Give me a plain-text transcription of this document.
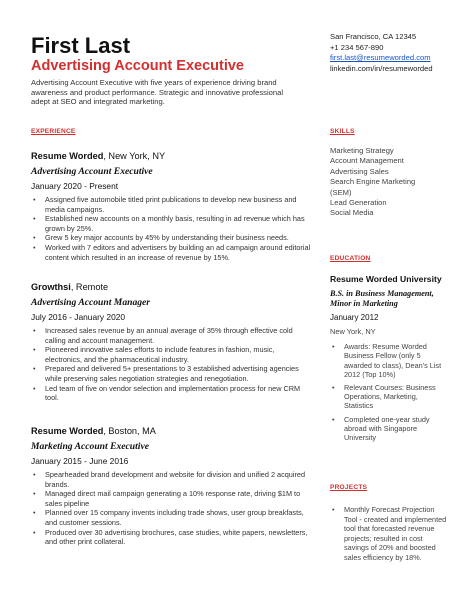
First Last
Advertising Account Executive
Advertising Account Executive with five years of experience driving brand awareness and product performance. Strategic and innovative professional adept at SEO and integrated marketing.
San Francisco, CA 12345
+1 234 567-890
first.last@resumeworded.com
linkedin.com/in/resumeworded
EXPERIENCE	SKILLS
EDUCATION
PROJECTS
Resume Worded, New York, NY
Advertising Account Executive
January 2020 - Present
• Assigned five automobile titled print publications to develop new business and media campaigns.
• Established new accounts on a monthly basis, resulting in ad revenue which has grown by 25%.
• Grew 5 key major accounts by 45% by understanding their business needs.
• Worked with 7 editors and advertisers by building an ad campaign around editorial content which resulted in an increase of revenue by 15%.
Growthsi, Remote
Advertising Account Manager
July 2016 - January 2020
• Increased sales revenue by an annual average of 35% through effective cold calling and account management.
• Pioneered innovative sales efforts to include features in fashion, music, electronics, and the pharmaceutical industry.
• Prepared and delivered 5+ presentations to 3 established advertising agencies while preserving sales negotiation strategies and renegotiation.
• Led team of five on vendor selection and implementation process for new CRM tool.
Resume Worded, Boston, MA
Marketing Account Executive
January 2015 - June 2016
• Spearheaded brand development and website for division and unified 2 acquired brands.
• Managed direct mail campaign generating a 10% response rate, driving $1M to sales pipeline
• Planned over 15 company invents including trade shows, user group breakfasts, and customer sessions.
• Produced over 30 advertising brochures, case studies, white papers, newsletters, and other print collateral.
Marketing Strategy
Account Management
Advertising Sales
Search Engine Marketing
(SEM)
Lead Generation
Social Media
Resume Worded University
B.S. in Business Management, Minor in Marketing
January 2012
New York, NY
• Awards: Resume Worded Business Fellow (only 5 awarded to class), Dean's List 2012 (Top 10%)
• Relevant Courses: Business Operations, Marketing, Statistics
• Completed one-year study abroad with Singapore University
• Monthly Forecast Projection Tool - created and implemented tool that forecasted revenue projects; resulted in cost savings of 20% and boosted sales efficiency by 18%.
